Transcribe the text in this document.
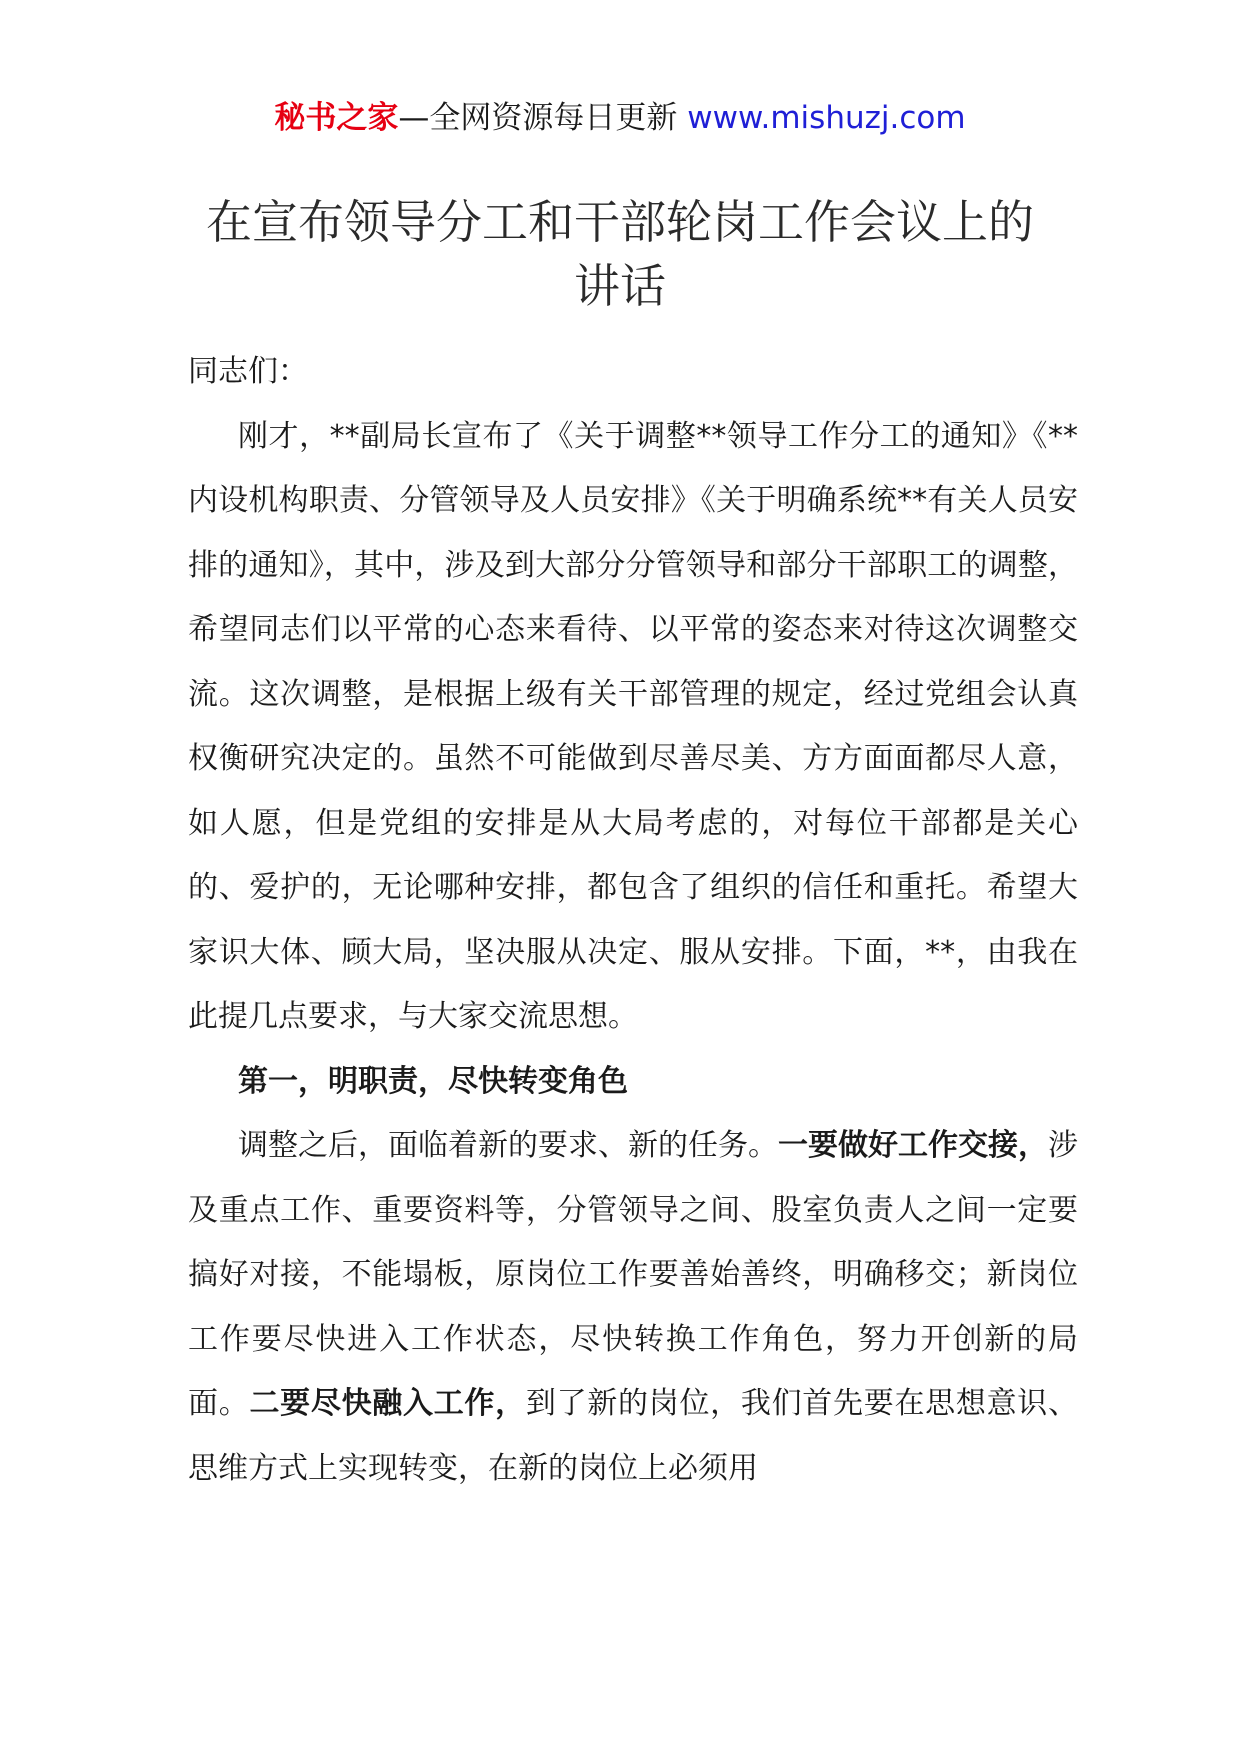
秘书之家—全网资源每日更新 www.mishuzj.com
在宣布领导分工和干部轮岗工作会议上的
讲话

同志们：

刚才，**副局长宣布了《关于调整**领导工作分工的通知》《**内设机构职责、分管领导及人员安排》《关于明确系统**有关人员安排的通知》，其中，涉及到大部分分管领导和部分干部职工的调整，希望同志们以平常的心态来看待、以平常的姿态来对待这次调整交流。这次调整，是根据上级有关干部管理的规定，经过党组会认真权衡研究决定的。虽然不可能做到尽善尽美、方方面面都尽人意，如人愿，但是党组的安排是从大局考虑的，对每位干部都是关心的、爱护的，无论哪种安排，都包含了组织的信任和重托。希望大家识大体、顾大局，坚决服从决定、服从安排。下面，**，由我在此提几点要求，与大家交流思想。

第一，明职责，尽快转变角色

调整之后，面临着新的要求、新的任务。一要做好工作交接，涉及重点工作、重要资料等，分管领导之间、股室负责人之间一定要搞好对接，不能塌板，原岗位工作要善始善终，明确移交；新岗位工作要尽快进入工作状态，尽快转换工作角色，努力开创新的局面。二要尽快融入工作，到了新的岗位，我们首先要在思想意识、思维方式上实现转变，在新的岗位上必须用
